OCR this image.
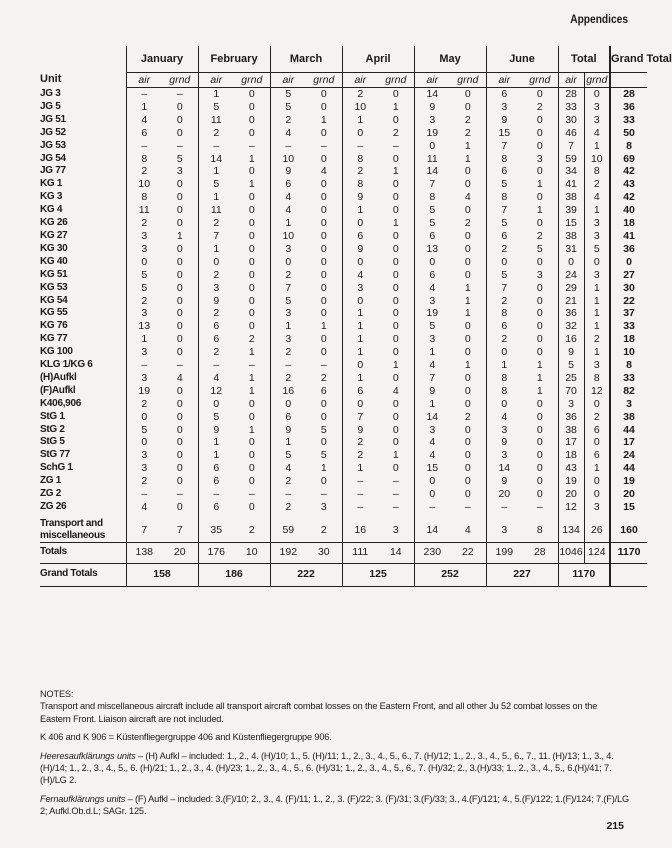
Appendices
Unit	January		February		March		April		May		June		Total		Grand Total
	air	grnd	air	grnd	air	grnd	air	grnd	air	grnd	air	grnd	air	grnd	

JG 3	–	–	1	0	5	0	2	0	14	0	6	0	28	0	28

JG 5	1	0	5	0	5	0	10	1	9	0	3	2	33	3	36

JG 51	4	0	11	0	2	1	1	0	3	2	9	0	30	3	33

JG 52	6	0	2	0	4	0	0	2	19	2	15	0	46	4	50

JG 53	–	–	–	–	–	–	–	–	0	1	7	0	7	1	8

JG 54	8	5	14	1	10	0	8	0	11	1	8	3	59	10	69

JG 77	2	3	1	0	9	4	2	1	14	0	6	0	34	8	42

KG 1	10	0	5	1	6	0	8	0	7	0	5	1	41	2	43

KG 3	8	0	1	0	4	0	9	0	8	4	8	0	38	4	42

KG 4	11	0	11	0	4	0	1	0	5	0	7	1	39	1	40

KG 26	2	0	2	0	1	0	0	1	5	2	5	0	15	3	18

KG 27	3	1	7	0	10	0	6	0	6	0	6	2	38	3	41

KG 30	3	0	1	0	3	0	9	0	13	0	2	5	31	5	36

KG 40	0	0	0	0	0	0	0	0	0	0	0	0	0	0	0

KG 51	5	0	2	0	2	0	4	0	6	0	5	3	24	3	27

KG 53	5	0	3	0	7	0	3	0	4	1	7	0	29	1	30

KG 54	2	0	9	0	5	0	0	0	3	1	2	0	21	1	22

KG 55	3	0	2	0	3	0	1	0	19	1	8	0	36	1	37

KG 76	13	0	6	0	1	1	1	0	5	0	6	0	32	1	33

KG 77	1	0	6	2	3	0	1	0	3	0	2	0	16	2	18

KG 100	3	0	2	1	2	0	1	0	1	0	0	0	9	1	10

KLG 1/KG 6	–	–	–	–	–	–	0	1	4	1	1	1	5	3	8

(H)Aufkl	3	4	4	1	2	2	1	0	7	0	8	1	25	8	33

(F)Aufkl	19	0	12	1	16	6	6	4	9	0	8	1	70	12	82

K406,906	2	0	0	0	0	0	0	0	1	0	0	0	3	0	3

StG 1	0	0	5	0	6	0	7	0	14	2	4	0	36	2	38

StG 2	5	0	9	1	9	5	9	0	3	0	3	0	38	6	44

StG 5	0	0	1	0	1	0	2	0	4	0	9	0	17	0	17

StG 77	3	0	1	0	5	5	2	1	4	0	3	0	18	6	24

SchG 1	3	0	6	0	4	1	1	0	15	0	14	0	43	1	44

ZG 1	2	0	6	0	2	0	–	–	0	0	9	0	19	0	19

ZG 2	–	–	–	–	–	–	–	–	0	0	20	0	20	0	20

ZG 26	4	0	6	0	2	3	–	–	–	–	–	–	12	3	15

Transport and
miscellaneous	7	7	35	2	59	2	16	3	14	4	3	8	134	26	160

Totals	138	20	176	10	192	30	111	14	230	22	199	28	1046	124	1170
Grand Totals	158		186		222		125		252		227		1170		

NOTES:

Transport and miscellaneous aircraft include all transport aircraft combat losses on the Eastern Front, and all other Ju 52 combat losses on the Eastern Front. Liaison aircraft are not included.

K 406 and K 906 = Küstenfliegergruppe 406 and Küstenfliegergruppe 906.

Heeresaufklärungs units – (H) Aufkl – included: 1., 2., 4. (H)/10; 1., 5. (H)/11; 1., 2., 3., 4., 5., 6., 7. (H)/12; 1., 2., 3., 4., 5., 6., 7., 11. (H)/13; 1., 3., 4. (H)/14; 1., 2., 3., 4., 5., 6. (H)/21; 1., 2., 3., 4. (H)/23; 1., 2., 3., 4., 5., 6. (H)/31; 1., 2., 3., 4., 5., 6., 7. (H)/32; 2., 3.(H)/33; 1., 2., 3., 4., 5., 6.(H)/41; 7.(H)/LG 2.

Fernaufklärungs units – (F) Aufkl – included: 3.(F)/10; 2., 3., 4. (F)/11; 1., 2., 3. (F)/22; 3. (F)/31; 3.(F)/33; 3., 4.(F)/121; 4., 5.(F)/122; 1.(F)/124; 7.(F)/LG 2; Aufkl.Ob.d.L; SAGr. 125.

215
